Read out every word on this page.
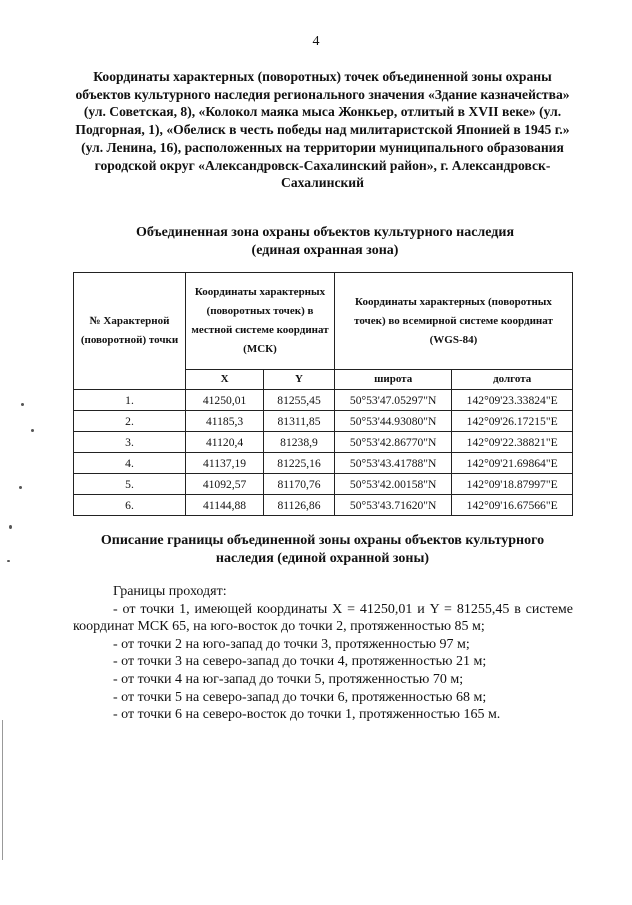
4
Координаты характерных (поворотных) точек объединенной зоны охраны объектов культурного наследия регионального значения «Здание казначейства» (ул. Советская, 8), «Колокол маяка мыса Жонкьер, отлитый в XVII веке» (ул. Подгорная, 1), «Обелиск в честь победы над милитаристской Японией в 1945 г.» (ул. Ленина, 16), расположенных на территории муниципального образования городской округ «Александровск-Сахалинский район», г. Александровск-Сахалинский
Объединенная зона охраны объектов культурного наследия
(единая охранная зона)
№ Характерной (поворотной) точки	Координаты характерных (поворотных точек) в местной системе координат (МСК)		Координаты характерных (поворотных точек) во всемирной системе координат (WGS-84)	
	X	Y	широта	долгота
1.	41250,01	81255,45	50°53'47.05297"N	142°09'23.33824"E
2.	41185,3	81311,85	50°53'44.93080"N	142°09'26.17215"E
3.	41120,4	81238,9	50°53'42.86770"N	142°09'22.38821"E
4.	41137,19	81225,16	50°53'43.41788"N	142°09'21.69864"E
5.	41092,57	81170,76	50°53'42.00158"N	142°09'18.87997"E
6.	41144,88	81126,86	50°53'43.71620"N	142°09'16.67566"E
Описание границы объединенной зоны охраны объектов культурного
наследия (единой охранной зоны)
Границы проходят:
- от точки 1, имеющей координаты X = 41250,01 и Y = 81255,45 в системе координат МСК 65, на юго-восток до точки 2, протяженностью 85 м;
- от точки 2 на юго-запад до точки 3, протяженностью 97 м;
- от точки 3 на северо-запад до точки 4, протяженностью 21 м;
- от точки 4 на юг-запад до точки 5, протяженностью 70 м;
- от точки 5 на северо-запад до точки 6, протяженностью 68 м;
- от точки 6 на северо-восток до точки 1, протяженностью 165 м.
